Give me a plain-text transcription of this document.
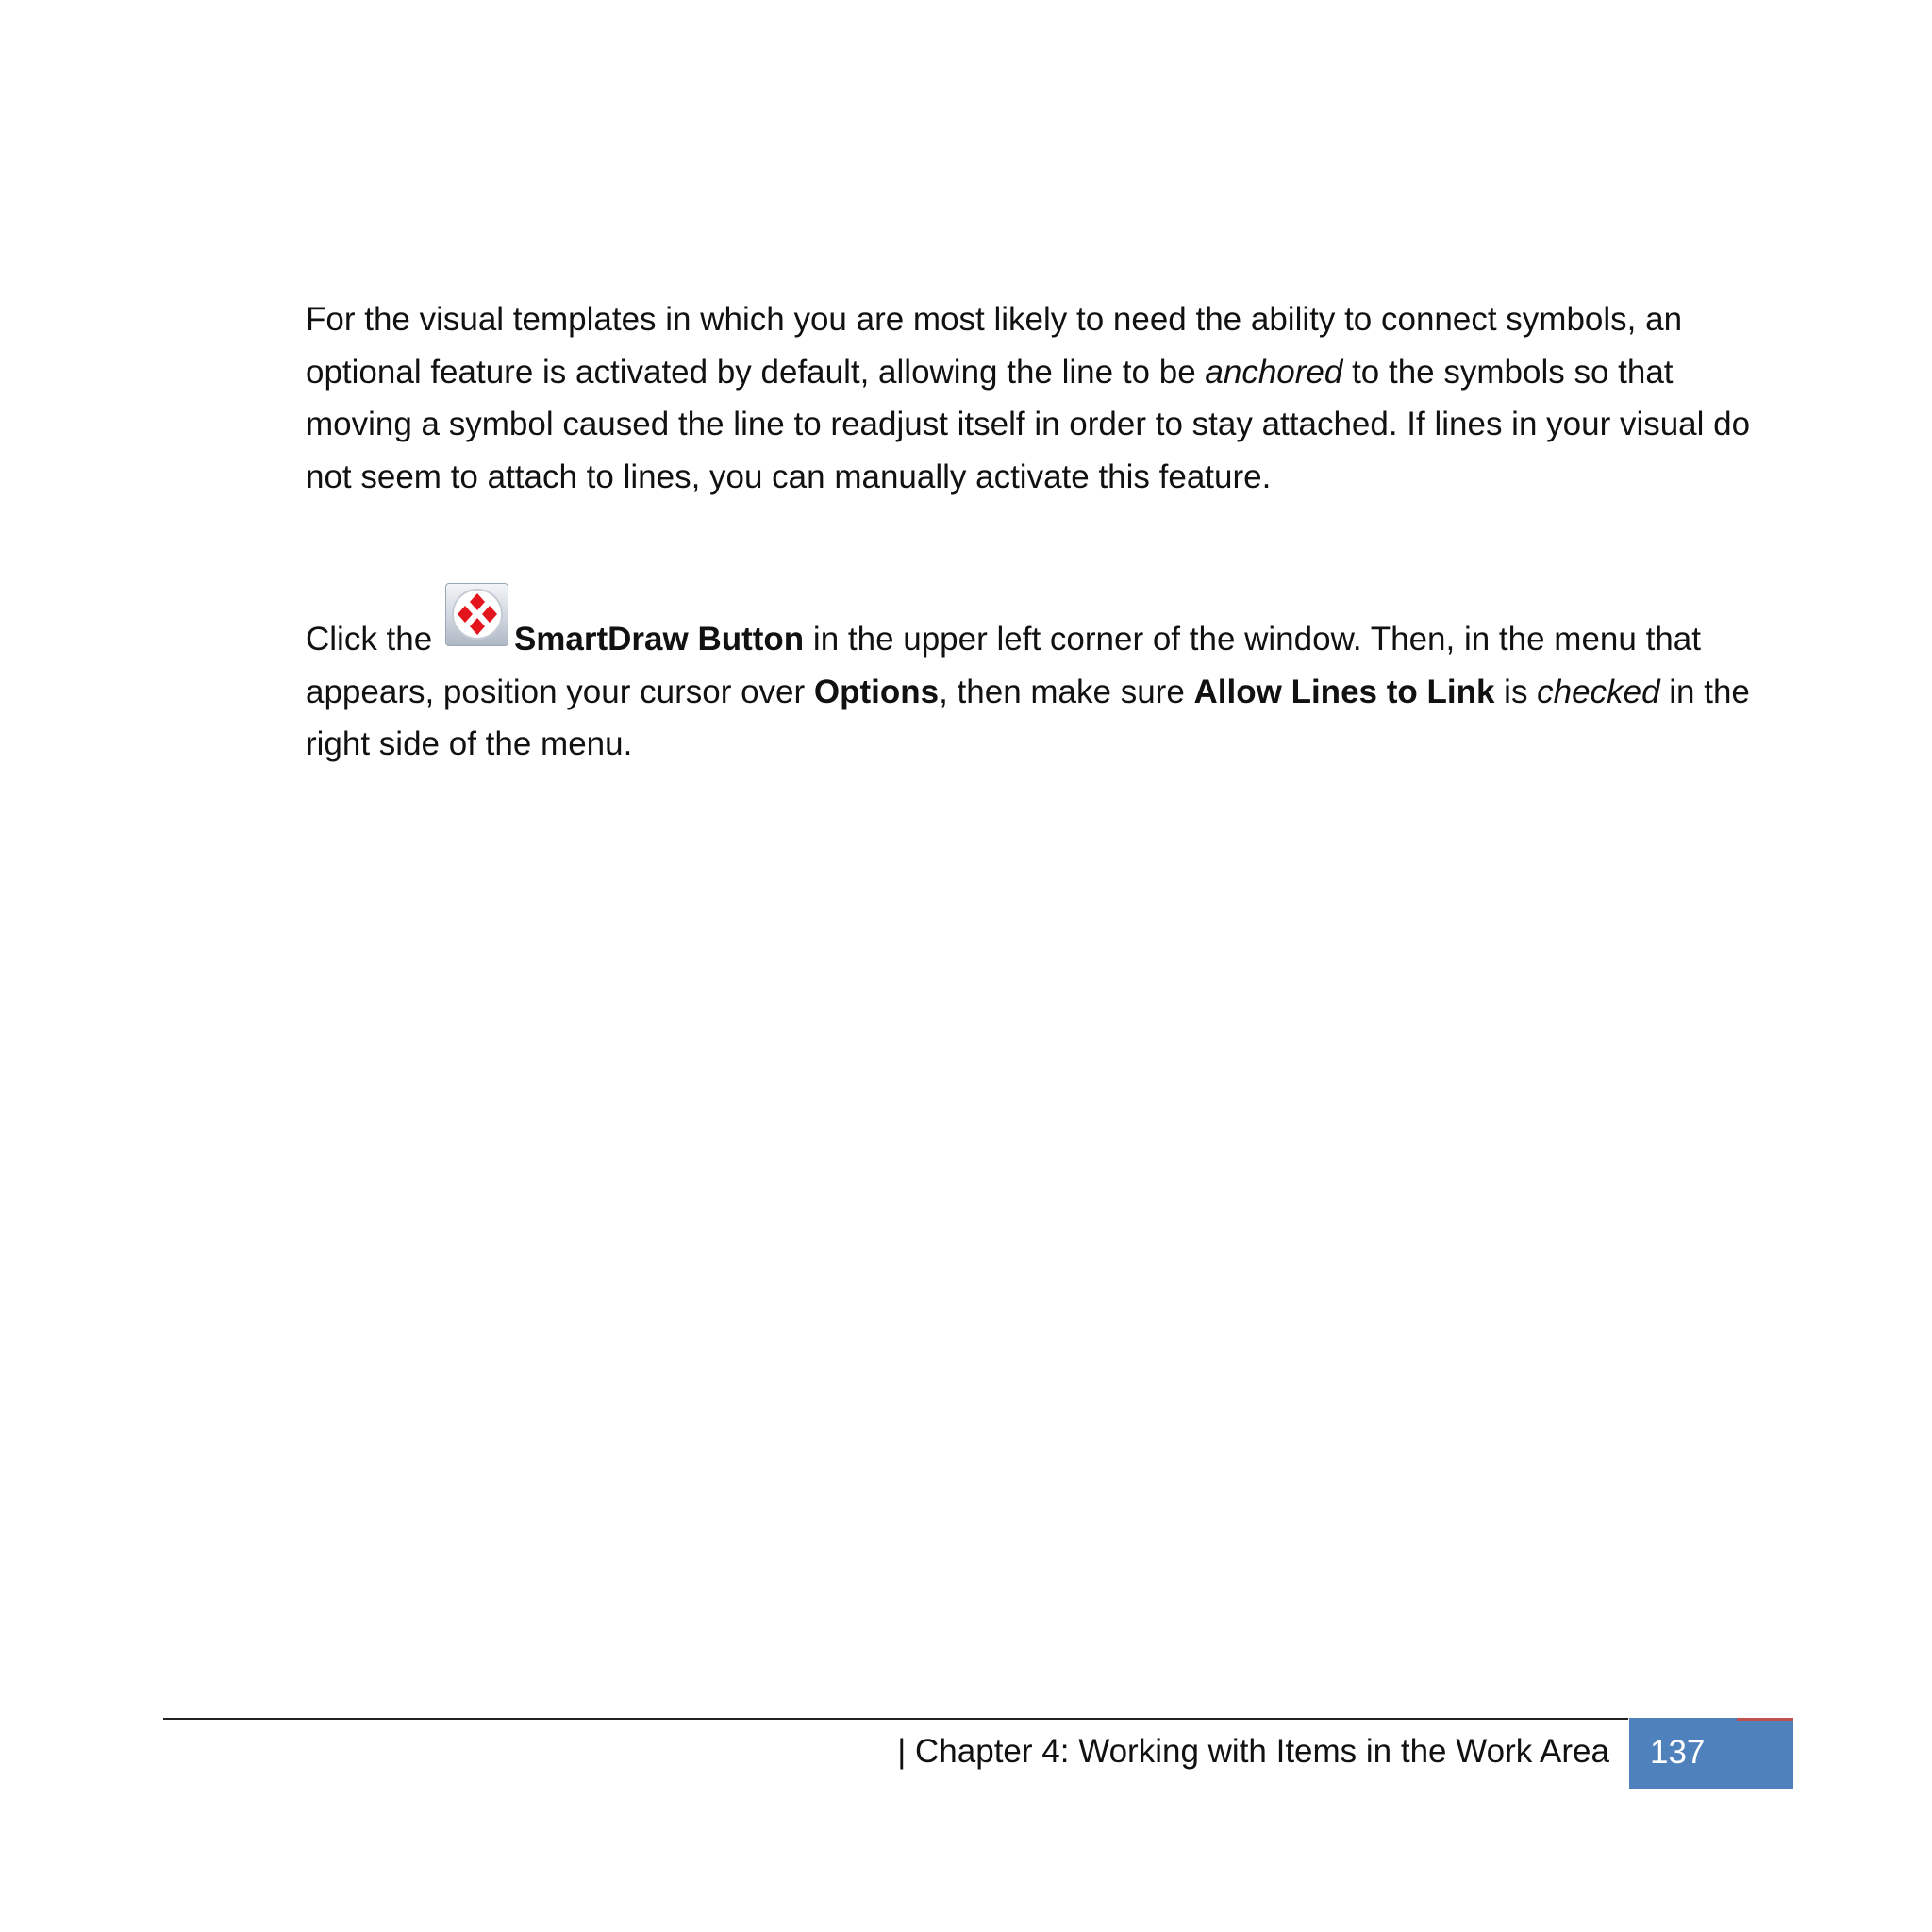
For the visual templates in which you are most likely to need the ability to connect symbols, an optional feature is activated by default, allowing the line to be anchored to the symbols so that moving a symbol caused the line to readjust itself in order to stay attached. If lines in your visual do not seem to attach to lines, you can manually activate this feature.

Click the
SmartDraw Button in the upper left corner of the window. Then, in the menu that appears, position your cursor over Options, then make sure Allow Lines to Link is checked in the right side of the menu.

| Chapter 4: Working with Items in the Work Area 137
